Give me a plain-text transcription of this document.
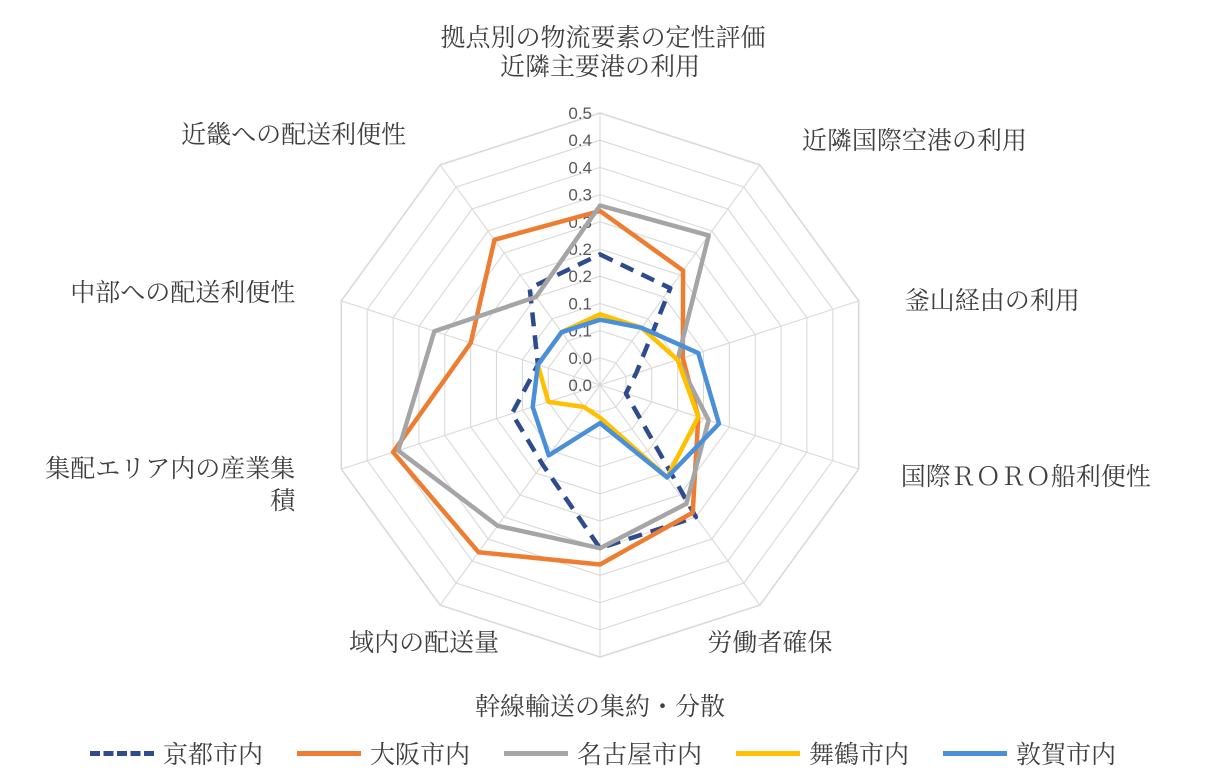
拠点別の物流要素の定性評価
0.0
0.1
0.1
0.2
0.2
0.3
0.3
0.4
0.4
0.5
0.0
近隣主要港の利用
近隣国際空港の利用
釜山経由の利用
国際ＲＯＲＯ船利便性
労働者確保
幹線輸送の集約・分散
域内の配送量
集配エリア内の産業集
積
中部への配送利便性
近畿への配送利便性
京都市内	大阪市内	名古屋市内	舞鶴市内	敦賀市内
